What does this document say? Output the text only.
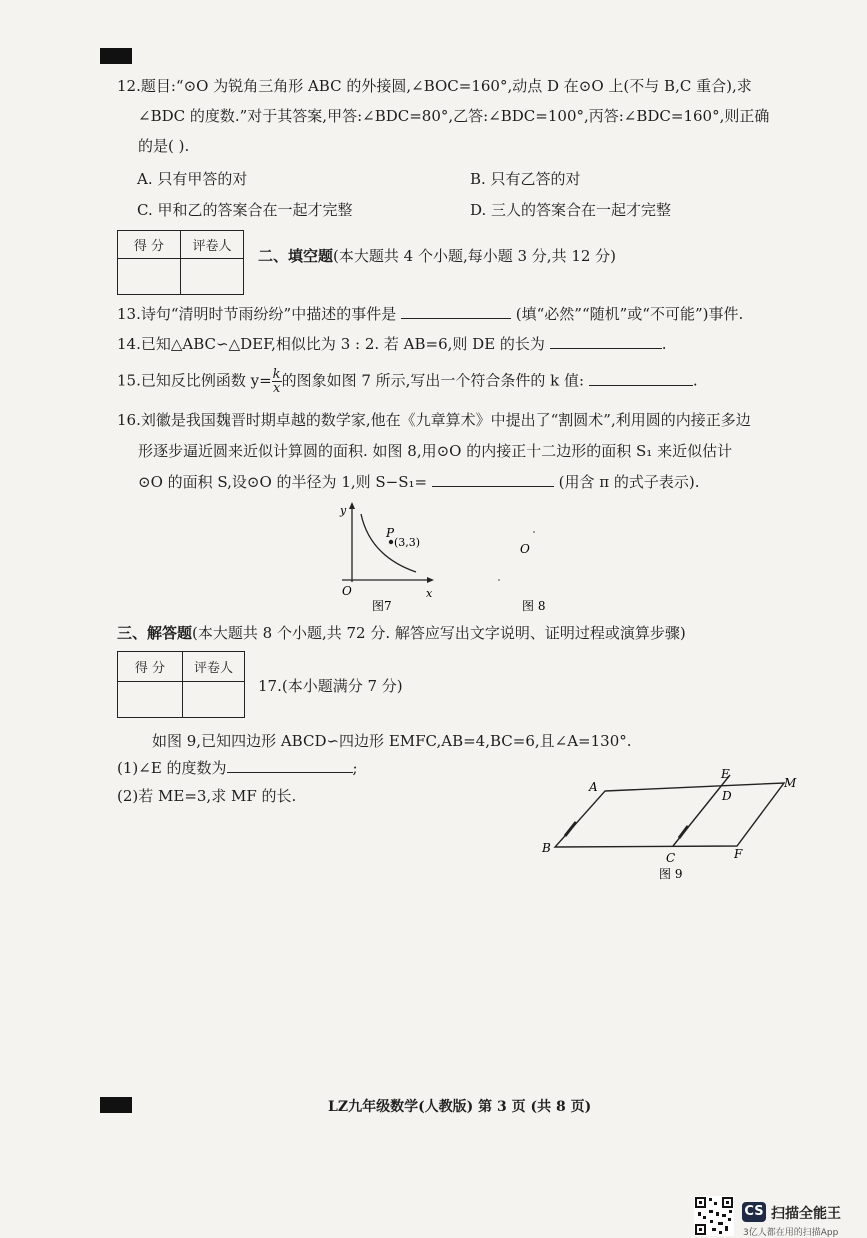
12.题目:“⊙O 为锐角三角形 ABC 的外接圆,∠BOC=160°,动点 D 在⊙O 上(不与 B,C 重合),求
∠BDC 的度数.”对于其答案,甲答:∠BDC=80°,乙答:∠BDC=100°,丙答:∠BDC=160°,则正确
的是( ).
A. 只有甲答的对	B. 只有乙答的对
C. 甲和乙的答案合在一起才完整	D. 三人的答案合在一起才完整
得 分	评卷人

二、填空题(本大题共 4 个小题,每小题 3 分,共 12 分)
13.诗句“清明时节雨纷纷”中描述的事件是	(填“必然”“随机”或“不可能”)事件.
14.已知△ABC∽△DEF,相似比为 3 : 2. 若 AB=6,则 DE 的长为	.
15.已知反比例函数 $y= \frac{k}{x}$ 的图象如图 7 所示,写出一个符合条件的 k 值:	.
16.刘徽是我国魏晋时期卓越的数学家,他在《九章算术》中提出了“割圆术”,利用圆的内接正多边
形逐步逼近圆来近似计算圆的面积. 如图 8,用⊙O 的内接正十二边形的面积 S₁ 来近似估计
⊙O 的面积 S,设⊙O 的半径为 1,则 S−S₁=	(用含 π 的式子表示).
y
x
O
P
(3,3)
图7
O
图 8
三、解答题(本大题共 8 个小题,共 72 分. 解答应写出文字说明、证明过程或演算步骤)
得 分	评卷人

17.(本小题满分 7 分)
如图 9,已知四边形 ABCD∽四边形 EMFC,AB=4,BC=6,且∠A=130°.
(1)∠E 的度数为	;
(2)若 ME=3,求 MF 的长.	A
B
C
D
E
F
M
图 9
LZ九年级数学(人教版) 第 3 页 (共 8 页)
CS 扫描全能王
3亿人都在用的扫描App
